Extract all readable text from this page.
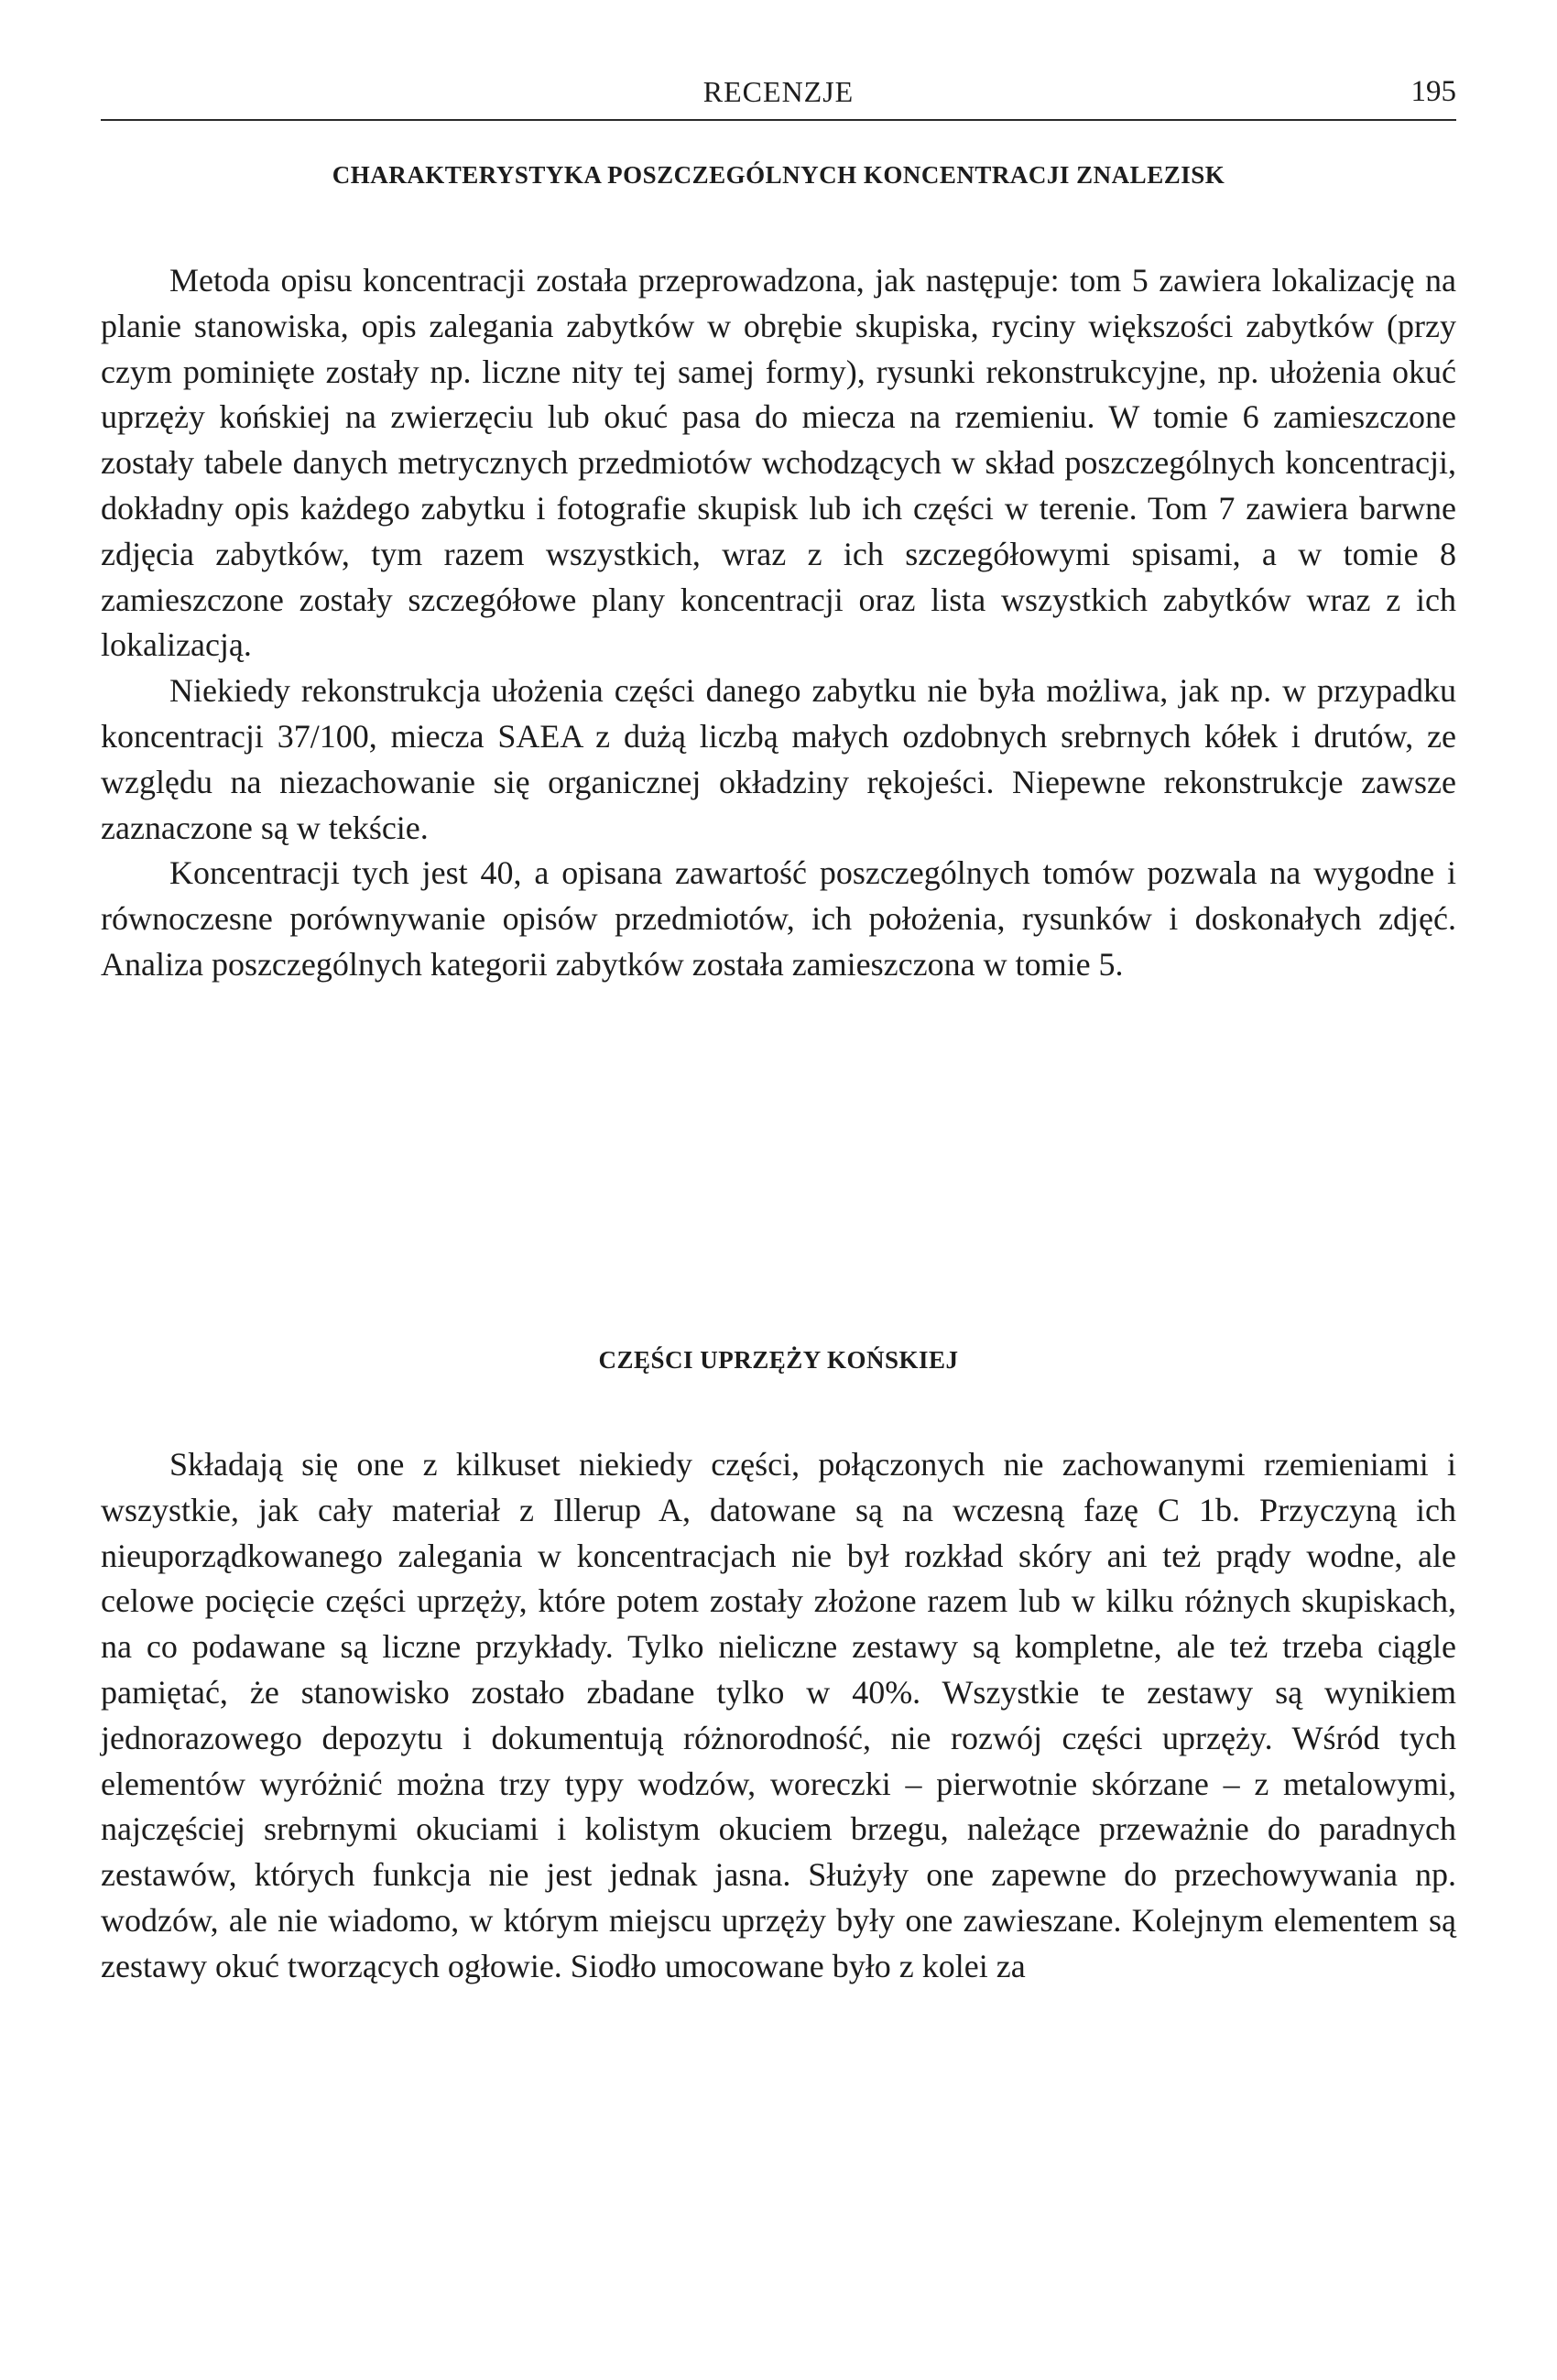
RECENZJE	195
CHARAKTERYSTYKA POSZCZEGÓLNYCH KONCENTRACJI ZNALEZISK

Metoda opisu koncentracji została przeprowadzona, jak następuje: tom 5 zawiera lokalizację na planie stanowiska, opis zalegania zabytków w obrębie skupiska, ryciny większości zabytków (przy czym pominięte zostały np. liczne nity tej samej formy), rysunki rekonstrukcyjne, np. ułożenia okuć uprzęży końskiej na zwierzęciu lub okuć pasa do miecza na rzemieniu. W tomie 6 zamieszczone zostały tabele danych metrycznych przedmiotów wchodzących w skład poszczególnych koncentracji, dokładny opis każdego zabytku i fotografie skupisk lub ich części w terenie. Tom 7 zawiera barwne zdjęcia zabytków, tym razem wszystkich, wraz z ich szczegółowymi spisami, a w tomie 8 zamieszczone zostały szczegółowe plany koncentracji oraz lista wszystkich zabytków wraz z ich lokalizacją.

Niekiedy rekonstrukcja ułożenia części danego zabytku nie była możliwa, jak np. w przypadku koncentracji 37/100, miecza SAEA z dużą liczbą małych ozdobnych srebrnych kółek i drutów, ze względu na niezachowanie się organicznej okładziny rękojeści. Niepewne rekonstrukcje zawsze zaznaczone są w tekście.

Koncentracji tych jest 40, a opisana zawartość poszczególnych tomów pozwala na wygodne i równoczesne porównywanie opisów przedmiotów, ich położenia, rysunków i doskonałych zdjęć. Analiza poszczególnych kategorii zabytków została zamieszczona w tomie 5.

CZĘŚCI UPRZĘŻY KOŃSKIEJ

Składają się one z kilkuset niekiedy części, połączonych nie zachowanymi rzemieniami i wszystkie, jak cały materiał z Illerup A, datowane są na wczesną fazę C 1b. Przyczyną ich nieuporządkowanego zalegania w koncentracjach nie był rozkład skóry ani też prądy wodne, ale celowe pocięcie części uprzęży, które potem zostały złożone razem lub w kilku różnych skupiskach, na co podawane są liczne przykłady. Tylko nieliczne zestawy są kompletne, ale też trzeba ciągle pamiętać, że stanowisko zostało zbadane tylko w 40%. Wszystkie te zestawy są wynikiem jednorazowego depozytu i dokumentują różnorodność, nie rozwój części uprzęży. Wśród tych elementów wyróżnić można trzy typy wodzów, woreczki – pierwotnie skórzane – z metalowymi, najczęściej srebrnymi okuciami i kolistym okuciem brzegu, należące przeważnie do paradnych zestawów, których funkcja nie jest jednak jasna. Służyły one zapewne do przechowywania np. wodzów, ale nie wiadomo, w którym miejscu uprzęży były one zawieszane. Kolejnym elementem są zestawy okuć tworzących ogłowie. Siodło umocowane było z kolei za
